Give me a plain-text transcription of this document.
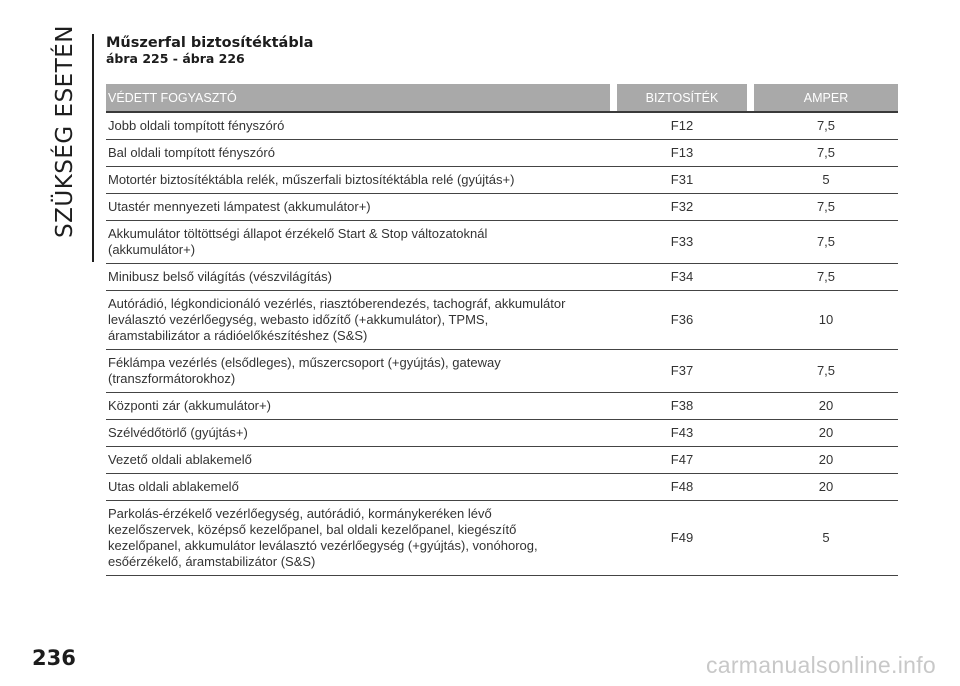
SZÜKSÉG ESETÉN Műszerfal biztosítéktábla
ábra 225 - ábra 226
VÉDETT FOGYASZTÓ		BIZTOSÍTÉK		AMPER

Jobb oldali tompított fényszóró		F12		7,5

Bal oldali tompított fényszóró		F13		7,5

Motortér biztosítéktábla relék, műszerfali biztosítéktábla relé (gyújtás+)		F31		5

Utastér mennyezeti lámpatest (akkumulátor+)		F32		7,5

Akkumulátor töltöttségi állapot érzékelő Start & Stop változatoknál
(akkumulátor+)		F33		7,5

Minibusz belső világítás (vészvilágítás)		F34		7,5

Autórádió, légkondicionáló vezérlés, riasztóberendezés, tachográf, akkumulátor
leválasztó vezérlőegység, webasto időzítő (+akkumulátor), TPMS,
áramstabilizátor a rádióelőkészítéshez (S&S)		F36		10

Féklámpa vezérlés (elsődleges), műszercsoport (+gyújtás), gateway
(transzformátorokhoz)		F37		7,5

Központi zár (akkumulátor+)		F38		20

Szélvédőtörlő (gyújtás+)		F43		20

Vezető oldali ablakemelő		F47		20

Utas oldali ablakemelő		F48		20

Parkolás-érzékelő vezérlőegység, autórádió, kormánykeréken lévő
kezelőszervek, középső kezelőpanel, bal oldali kezelőpanel, kiegészítő
kezelőpanel, akkumulátor leválasztó vezérlőegység (+gyújtás), vonóhorog,
esőérzékelő, áramstabilizátor (S&S)		F49		5
236	carmanualsonline.info
